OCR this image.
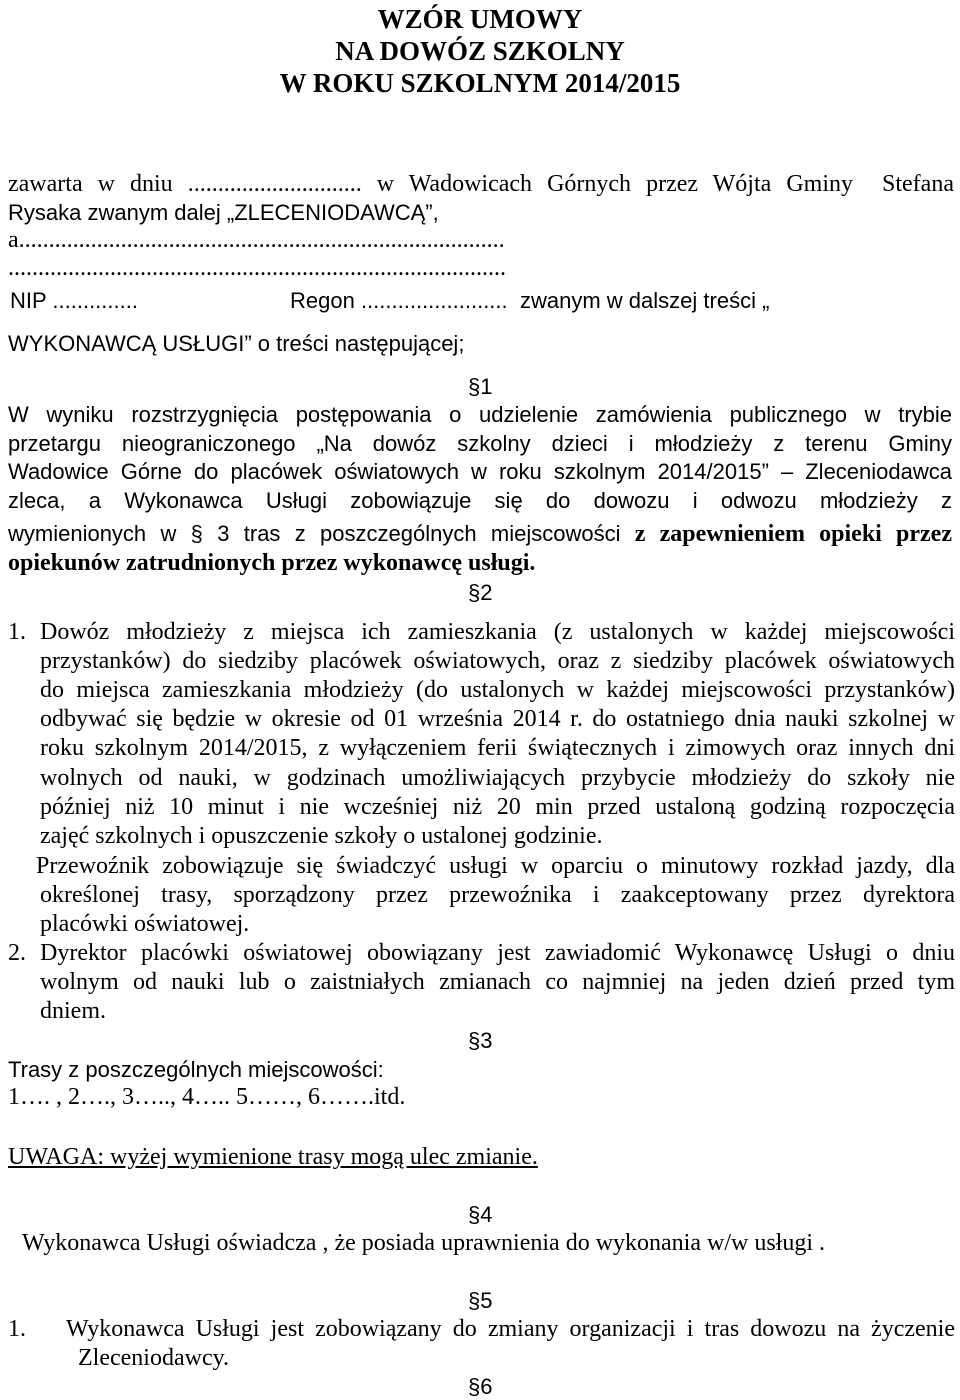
WZÓR UMOWY
NA DOWÓZ SZKOLNY
W ROKU SZKOLNYM 2014/2015
zawarta w dniu ............................. w Wadowicach Górnych przez Wójta Gminy Stefana
Rysaka zwanym dalej „ZLECENIODAWCĄ”,
a.................................................................................
...................................................................................
NIP ..............	Regon ........................ zwanym w dalszej treści „
WYKONAWCĄ USŁUGI” o treści następującej;
§1
W wyniku rozstrzygnięcia postępowania o udzielenie zamówienia publicznego w trybie
przetargu nieograniczonego „Na dowóz szkolny dzieci i młodzieży z terenu Gminy
Wadowice Górne do placówek oświatowych w roku szkolnym 2014/2015” – Zleceniodawca
zleca, a Wykonawca Usługi zobowiązuje się do dowozu i odwozu młodzieży z
wymienionych w § 3 tras z poszczególnych miejscowości z zapewnieniem opieki przez
opiekunów zatrudnionych przez wykonawcę usługi.
§2
1. Dowóz młodzieży z miejsca ich zamieszkania (z ustalonych w każdej miejscowości
przystanków) do siedziby placówek oświatowych, oraz z siedziby placówek oświatowych
do miejsca zamieszkania młodzieży (do ustalonych w każdej miejscowości przystanków)
odbywać się będzie w okresie od 01 września 2014 r. do ostatniego dnia nauki szkolnej w
roku szkolnym 2014/2015, z wyłączeniem ferii świątecznych i zimowych oraz innych dni
wolnych od nauki, w godzinach umożliwiających przybycie młodzieży do szkoły nie
później niż 10 minut i nie wcześniej niż 20 min przed ustaloną godziną rozpoczęcia
zajęć szkolnych i opuszczenie szkoły o ustalonej godzinie.
Przewoźnik zobowiązuje się świadczyć usługi w oparciu o minutowy rozkład jazdy, dla
określonej trasy, sporządzony przez przewoźnika i zaakceptowany przez dyrektora
placówki oświatowej.
2. Dyrektor placówki oświatowej obowiązany jest zawiadomić Wykonawcę Usługi o dniu
wolnym od nauki lub o zaistniałych zmianach co najmniej na jeden dzień przed tym
dniem.
§3
Trasy z poszczególnych miejscowości:
1…. , 2…., 3….., 4….. 5……, 6…….itd.
UWAGA: wyżej wymienione trasy mogą ulec zmianie.
§4
Wykonawca Usługi oświadcza , że posiada uprawnienia do wykonania w/w usługi .
§5
1.	Wykonawca Usługi jest zobowiązany do zmiany organizacji i tras dowozu na życzenie
Zleceniodawcy.
§6
